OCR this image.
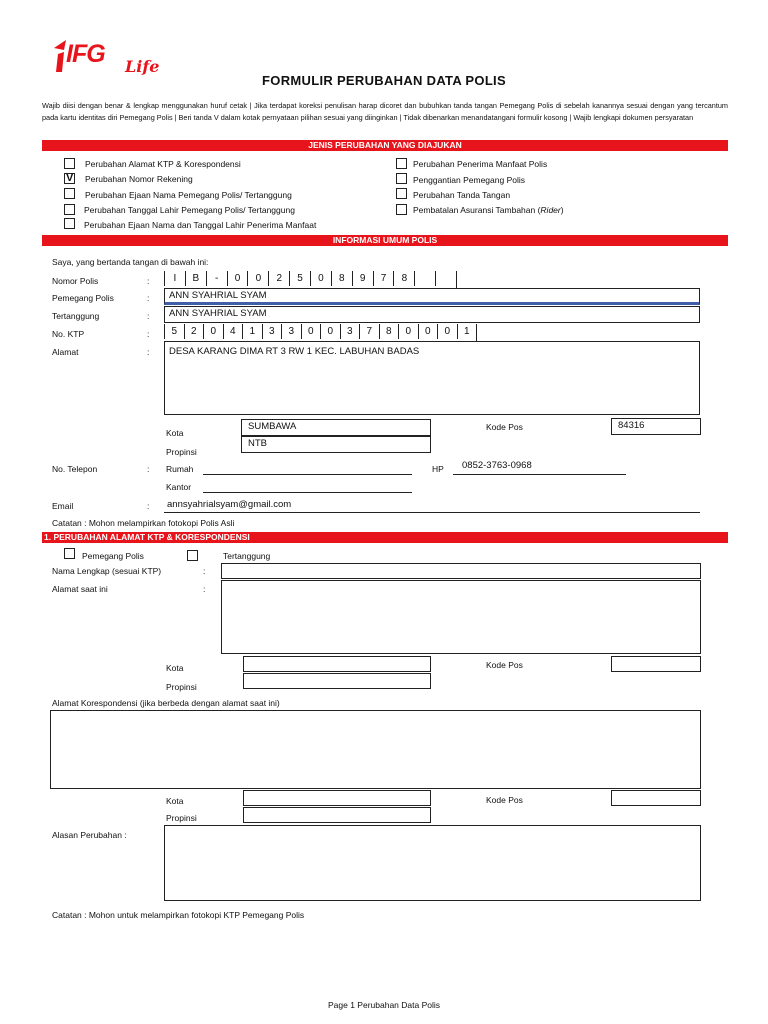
IFG Life
FORMULIR PERUBAHAN DATA POLIS
Wajib diisi dengan benar & lengkap menggunakan huruf cetak | Jika terdapat koreksi penulisan harap dicoret dan bubuhkan tanda tangan Pemegang Polis di sebelah kanannya sesuai dengan yang tercantum pada kartu identitas diri Pemegang Polis | Beri tanda V dalam kotak pernyataan pilihan sesuai yang diinginkan | Tidak dibenarkan menandatangani formulir kosong | Wajib lengkapi dokumen persyaratan
JENIS PERUBAHAN YANG DIAJUKAN
Perubahan Alamat KTP & Korespondensi
V Perubahan Nomor Rekening
Perubahan Ejaan Nama Pemegang Polis/ Tertanggung
Perubahan Tanggal Lahir Pemegang Polis/ Tertanggung
Perubahan Ejaan Nama dan Tanggal Lahir Penerima Manfaat
Perubahan Penerima Manfaat Polis
Penggantian Pemegang Polis
Perubahan Tanda Tangan
Pembatalan Asuransi Tambahan (Rider)
INFORMASI UMUM POLIS
Saya, yang bertanda tangan di bawah ini:
Nomor Polis	:	I	B	-	0	0	2	5	0	8	9	7	8
Pemegang Polis	: ANN SYAHRIAL SYAM
Tertanggung	: ANN SYAHRIAL SYAM
No. KTP	:	5	2	0	4	1	3	3	0	0	3	7	8	0	0	0	1
Alamat	: DESA KARANG DIMA RT 3 RW 1 KEC. LABUHAN BADAS
Kota
SUMBAWA	Kode Pos	84316
Propinsi
NTB
No. Telepon	: Rumah	HP 0852-3763-0968
Kantor
Email	: annsyahrialsyam@gmail.com
Catatan : Mohon melampirkan fotokopi Polis Asli
1. PERUBAHAN ALAMAT KTP & KORESPONDENSI
Pemegang Polis	Tertanggung
Nama Lengkap (sesuai KTP)	:
Alamat saat ini	:
Kota	Kode Pos
Propinsi
Alamat Korespondensi (jika berbeda dengan alamat saat ini)
Kota	Kode Pos
Propinsi
Alasan Perubahan :
Catatan : Mohon untuk melampirkan fotokopi KTP Pemegang Polis
Page 1 Perubahan Data Polis
